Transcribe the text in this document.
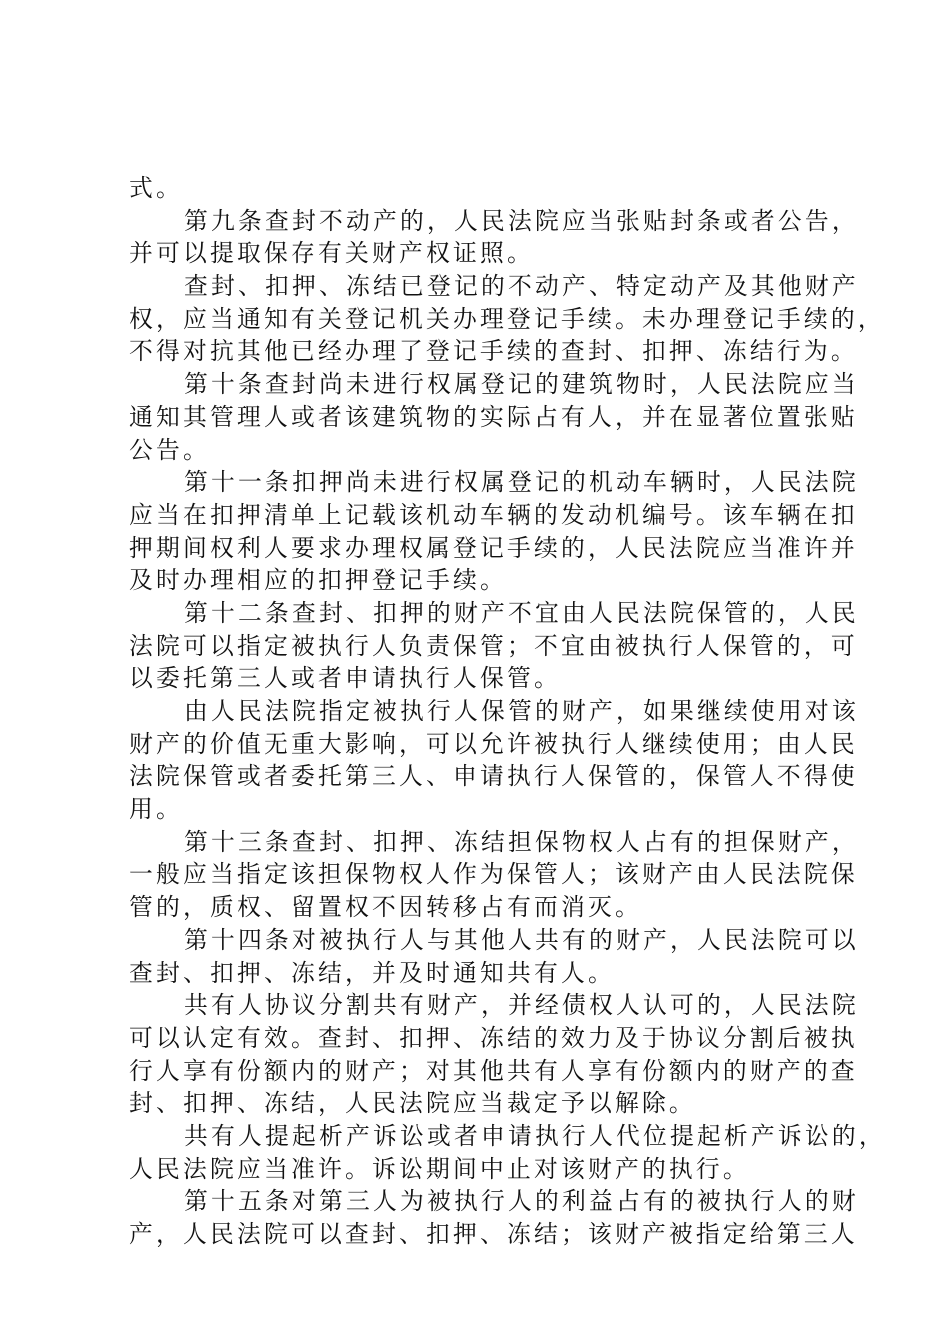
式。
第九条查封不动产的，人民法院应当张贴封条或者公告，
并可以提取保存有关财产权证照。
查封、扣押、冻结已登记的不动产、特定动产及其他财产
权，应当通知有关登记机关办理登记手续。未办理登记手续的，
不得对抗其他已经办理了登记手续的查封、扣押、冻结行为。
第十条查封尚未进行权属登记的建筑物时，人民法院应当
通知其管理人或者该建筑物的实际占有人，并在显著位置张贴
公告。
第十一条扣押尚未进行权属登记的机动车辆时，人民法院
应当在扣押清单上记载该机动车辆的发动机编号。该车辆在扣
押期间权利人要求办理权属登记手续的，人民法院应当准许并
及时办理相应的扣押登记手续。
第十二条查封、扣押的财产不宜由人民法院保管的，人民
法院可以指定被执行人负责保管；不宜由被执行人保管的，可
以委托第三人或者申请执行人保管。
由人民法院指定被执行人保管的财产，如果继续使用对该
财产的价值无重大影响，可以允许被执行人继续使用；由人民
法院保管或者委托第三人、申请执行人保管的，保管人不得使
用。
第十三条查封、扣押、冻结担保物权人占有的担保财产，
一般应当指定该担保物权人作为保管人；该财产由人民法院保
管的，质权、留置权不因转移占有而消灭。
第十四条对被执行人与其他人共有的财产，人民法院可以
查封、扣押、冻结，并及时通知共有人。
共有人协议分割共有财产，并经债权人认可的，人民法院
可以认定有效。查封、扣押、冻结的效力及于协议分割后被执
行人享有份额内的财产；对其他共有人享有份额内的财产的查
封、扣押、冻结，人民法院应当裁定予以解除。
共有人提起析产诉讼或者申请执行人代位提起析产诉讼的，
人民法院应当准许。诉讼期间中止对该财产的执行。
第十五条对第三人为被执行人的利益占有的被执行人的财
产，人民法院可以查封、扣押、冻结；该财产被指定给第三人
